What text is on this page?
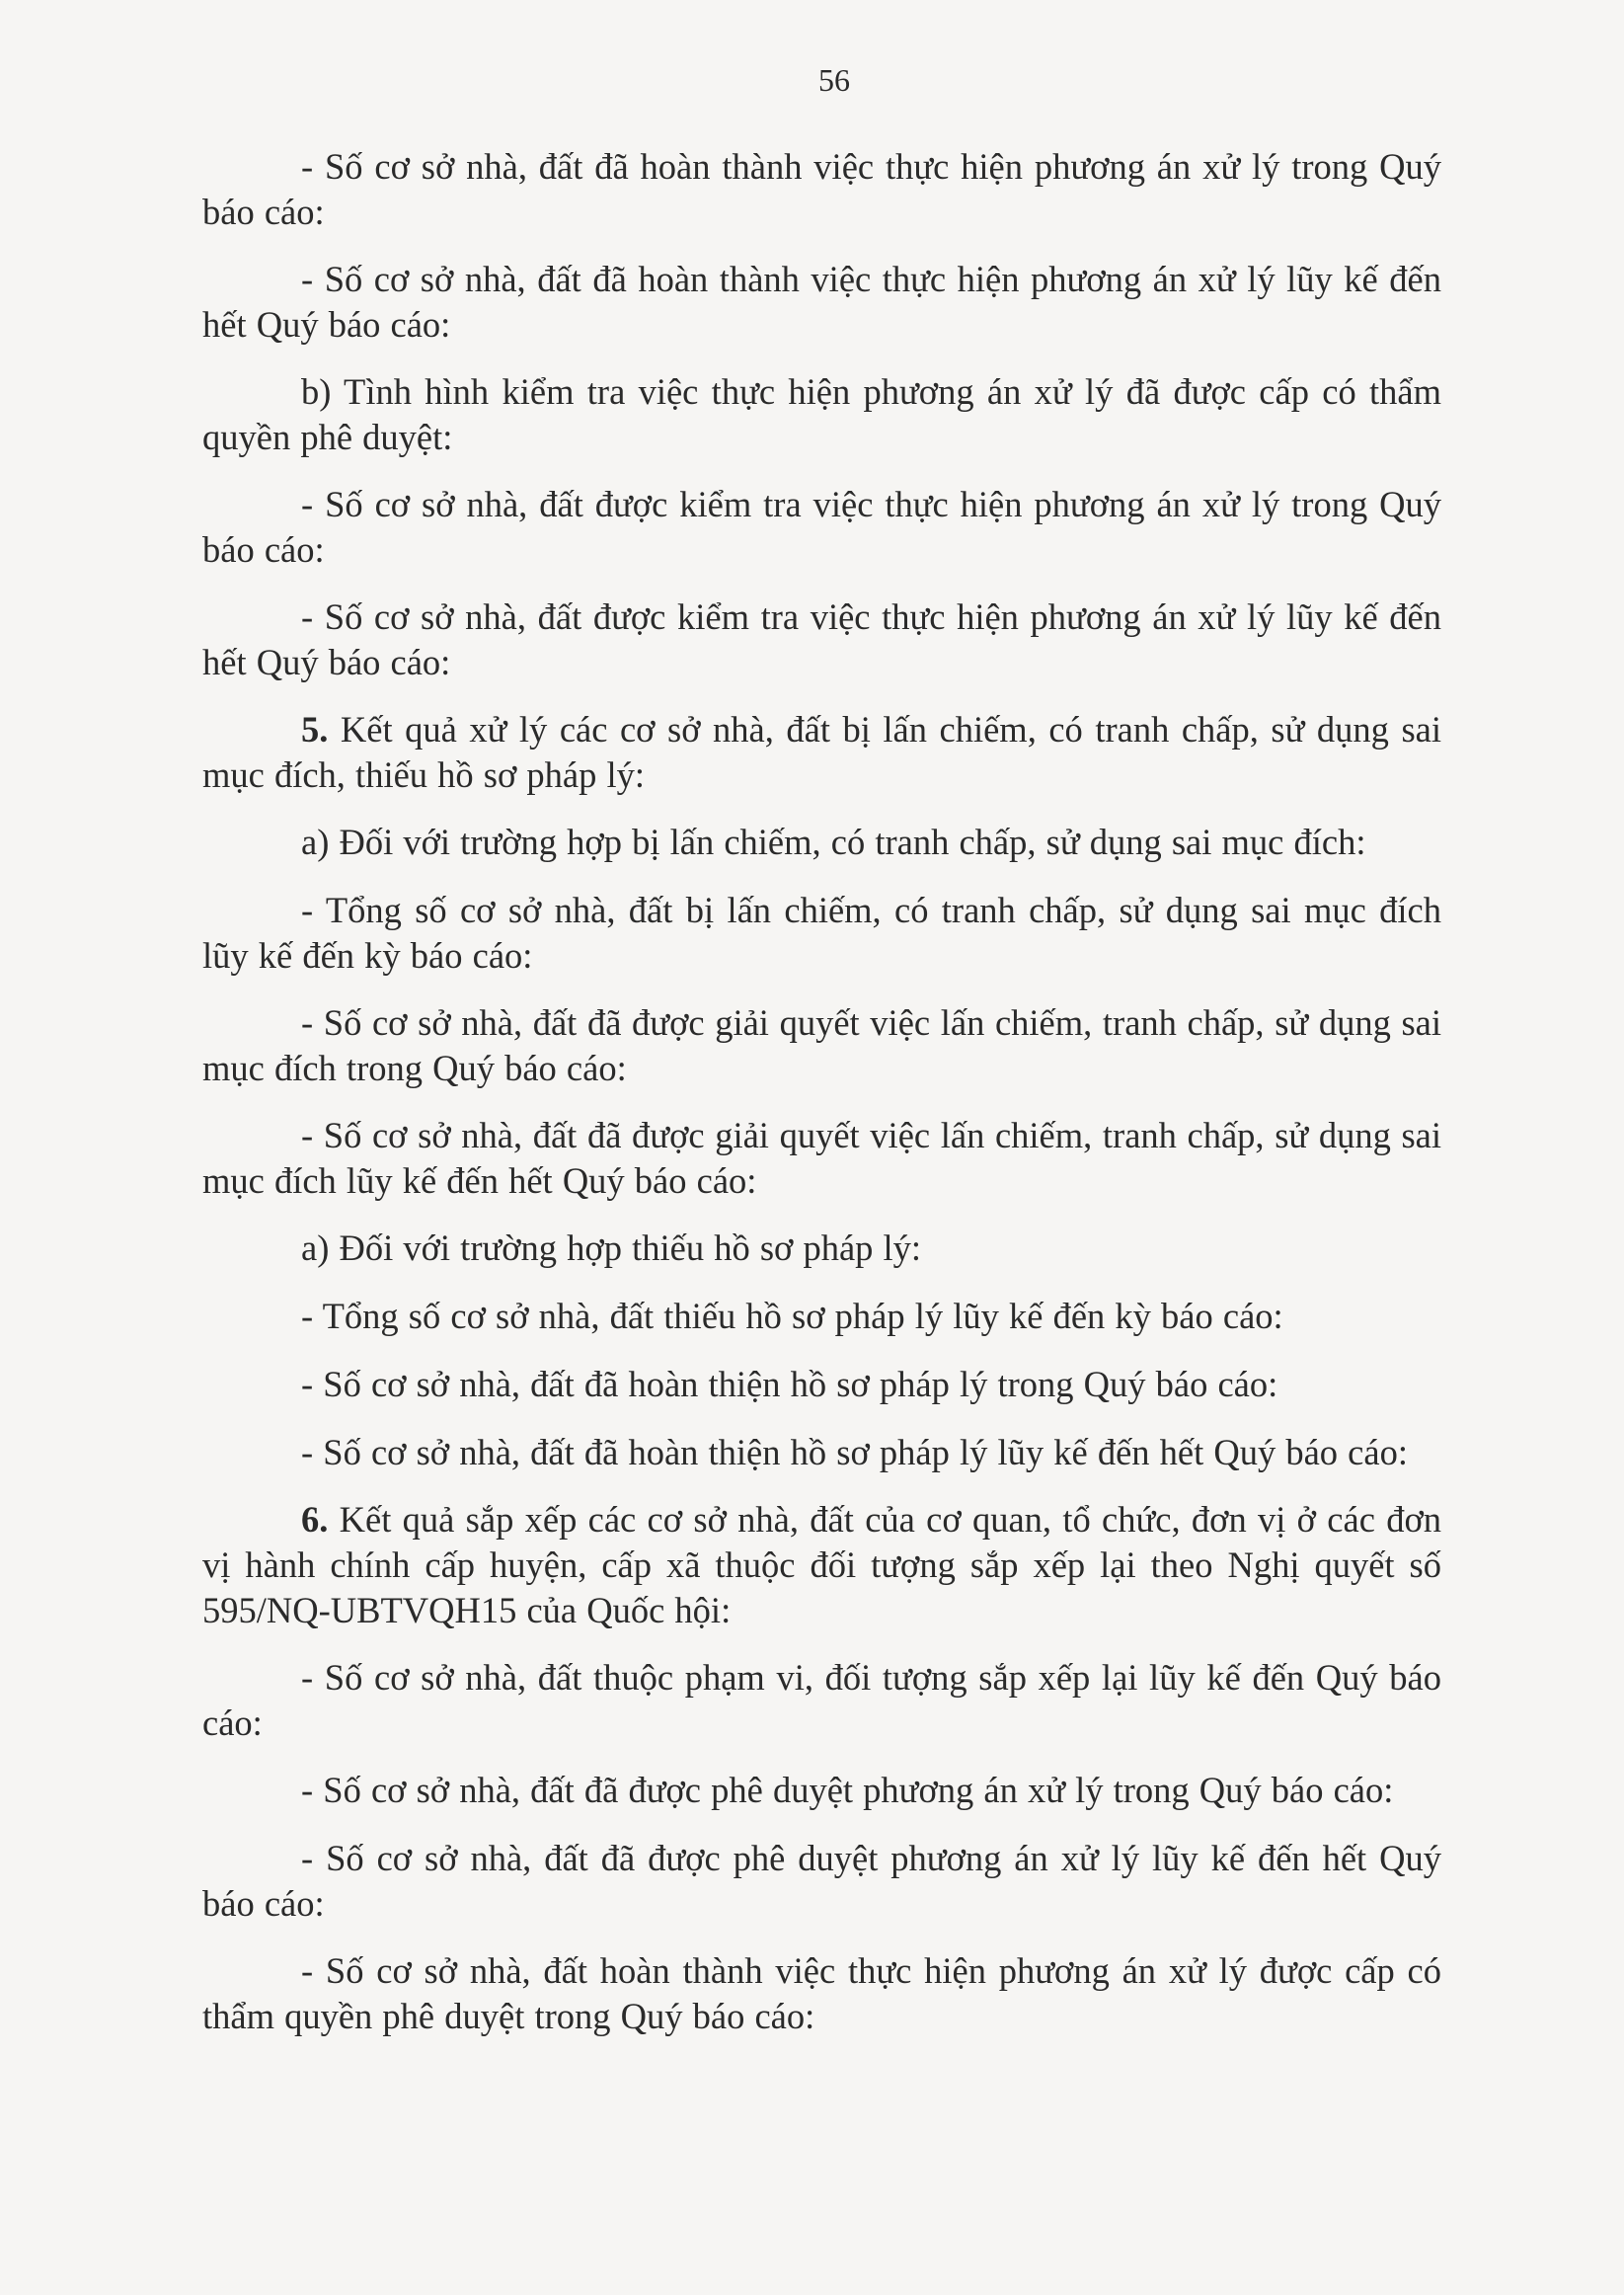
56

- Số cơ sở nhà, đất đã hoàn thành việc thực hiện phương án xử lý trong Quý báo cáo:

- Số cơ sở nhà, đất đã hoàn thành việc thực hiện phương án xử lý lũy kế đến hết Quý báo cáo:

b) Tình hình kiểm tra việc thực hiện phương án xử lý đã được cấp có thẩm quyền phê duyệt:

- Số cơ sở nhà, đất được kiểm tra việc thực hiện phương án xử lý trong Quý báo cáo:

- Số cơ sở nhà, đất được kiểm tra việc thực hiện phương án xử lý lũy kế đến hết Quý báo cáo:

5. Kết quả xử lý các cơ sở nhà, đất bị lấn chiếm, có tranh chấp, sử dụng sai mục đích, thiếu hồ sơ pháp lý:

a) Đối với trường hợp bị lấn chiếm, có tranh chấp, sử dụng sai mục đích:

- Tổng số cơ sở nhà, đất bị lấn chiếm, có tranh chấp, sử dụng sai mục đích lũy kế đến kỳ báo cáo:

- Số cơ sở nhà, đất đã được giải quyết việc lấn chiếm, tranh chấp, sử dụng sai mục đích trong Quý báo cáo:

- Số cơ sở nhà, đất đã được giải quyết việc lấn chiếm, tranh chấp, sử dụng sai mục đích lũy kế đến hết Quý báo cáo:

a) Đối với trường hợp thiếu hồ sơ pháp lý:

- Tổng số cơ sở nhà, đất thiếu hồ sơ pháp lý lũy kế đến kỳ báo cáo:

- Số cơ sở nhà, đất đã hoàn thiện hồ sơ pháp lý trong Quý báo cáo:

- Số cơ sở nhà, đất đã hoàn thiện hồ sơ pháp lý lũy kế đến hết Quý báo cáo:

6. Kết quả sắp xếp các cơ sở nhà, đất của cơ quan, tổ chức, đơn vị ở các đơn vị hành chính cấp huyện, cấp xã thuộc đối tượng sắp xếp lại theo Nghị quyết số 595/NQ-UBTVQH15 của Quốc hội:

- Số cơ sở nhà, đất thuộc phạm vi, đối tượng sắp xếp lại lũy kế đến Quý báo cáo:

- Số cơ sở nhà, đất đã được phê duyệt phương án xử lý trong Quý báo cáo:

- Số cơ sở nhà, đất đã được phê duyệt phương án xử lý lũy kế đến hết Quý báo cáo:

- Số cơ sở nhà, đất hoàn thành việc thực hiện phương án xử lý được cấp có thẩm quyền phê duyệt trong Quý báo cáo:
